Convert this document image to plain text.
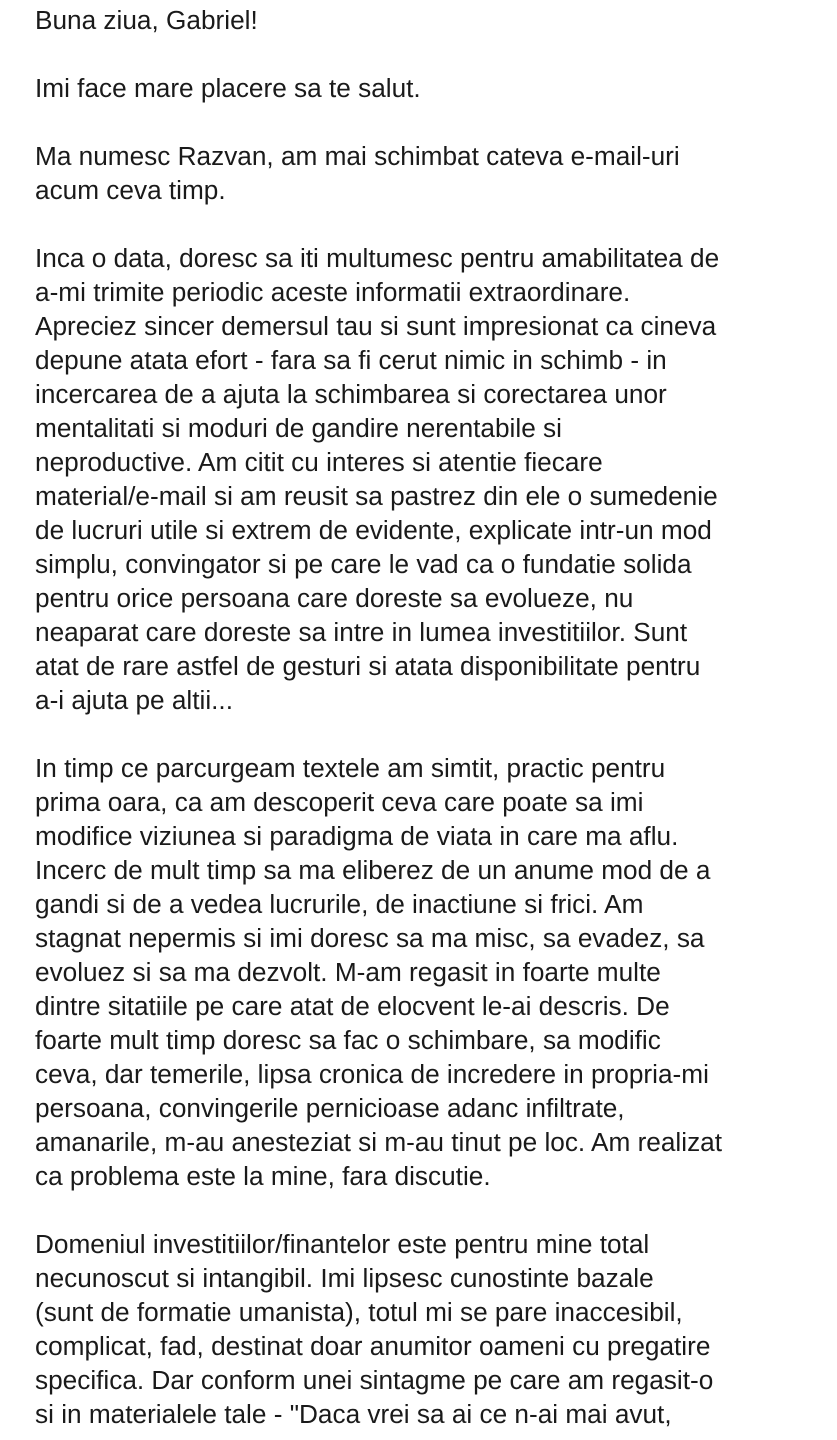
Buna ziua, Gabriel!
Imi face mare placere sa te salut.
Ma numesc Razvan, am mai schimbat cateva e-mail-uri
acum ceva timp.
Inca o data, doresc sa iti multumesc pentru amabilitatea de
a-mi trimite periodic aceste informatii extraordinare.
Apreciez sincer demersul tau si sunt impresionat ca cineva
depune atata efort - fara sa fi cerut nimic in schimb - in
incercarea de a ajuta la schimbarea si corectarea unor
mentalitati si moduri de gandire nerentabile si
neproductive. Am citit cu interes si atentie fiecare
material/e-mail si am reusit sa pastrez din ele o sumedenie
de lucruri utile si extrem de evidente, explicate intr-un mod
simplu, convingator si pe care le vad ca o fundatie solida
pentru orice persoana care doreste sa evolueze, nu
neaparat care doreste sa intre in lumea investitiilor. Sunt
atat de rare astfel de gesturi si atata disponibilitate pentru
a-i ajuta pe altii...
In timp ce parcurgeam textele am simtit, practic pentru
prima oara, ca am descoperit ceva care poate sa imi
modifice viziunea si paradigma de viata in care ma aflu.
Incerc de mult timp sa ma eliberez de un anume mod de a
gandi si de a vedea lucrurile, de inactiune si frici. Am
stagnat nepermis si imi doresc sa ma misc, sa evadez, sa
evoluez si sa ma dezvolt. M-am regasit in foarte multe
dintre sitatiile pe care atat de elocvent le-ai descris. De
foarte mult timp doresc sa fac o schimbare, sa modific
ceva, dar temerile, lipsa cronica de incredere in propria-mi
persoana, convingerile pernicioase adanc infiltrate,
amanarile, m-au anesteziat si m-au tinut pe loc. Am realizat
ca problema este la mine, fara discutie.
Domeniul investitiilor/finantelor este pentru mine total
necunoscut si intangibil. Imi lipsesc cunostinte bazale
(sunt de formatie umanista), totul mi se pare inaccesibil,
complicat, fad, destinat doar anumitor oameni cu pregatire
specifica. Dar conform unei sintagme pe care am regasit-o
si in materialele tale - "Daca vrei sa ai ce n-ai mai avut,
